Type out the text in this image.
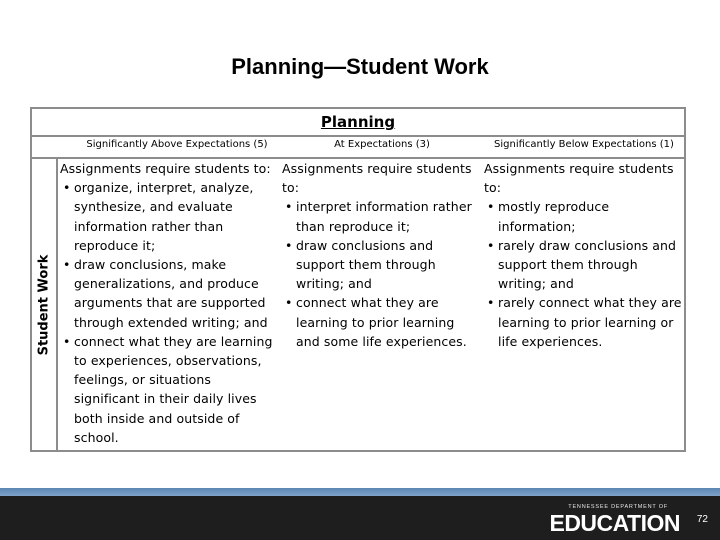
Planning—Student Work
Planning
Significantly Above Expectations (5)	At Expectations (3)	Significantly Below Expectations (1)
Student Work
Assignments require students to:
• organize, interpret, analyze, synthesize, and evaluate information rather than reproduce it;
• draw conclusions, make generalizations, and produce arguments that are supported through extended writing; and
• connect what they are learning to experiences, observations, feelings, or situations significant in their daily lives both inside and outside of school.
Assignments require students to:
• interpret information rather than reproduce it;
• draw conclusions and support them through writing; and
• connect what they are learning to prior learning and some life experiences.
Assignments require students to:
• mostly reproduce information;
• rarely draw conclusions and support them through writing; and
• rarely connect what they are learning to prior learning or life experiences.
TENNESSEE DEPARTMENT OF
EDUCATION 72
